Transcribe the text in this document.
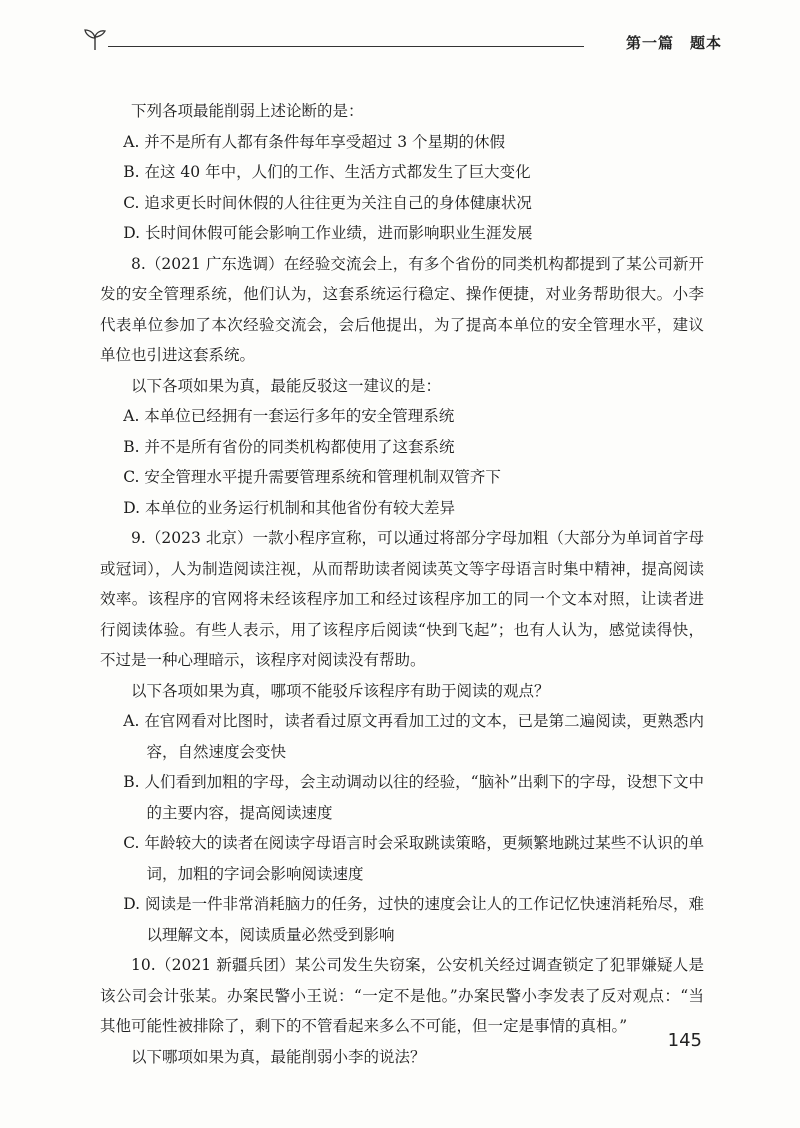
第一篇　题本

下列各项最能削弱上述论断的是：

A. 并不是所有人都有条件每年享受超过 3 个星期的休假

B. 在这 40 年中，人们的工作、生活方式都发生了巨大变化

C. 追求更长时间休假的人往往更为关注自己的身体健康状况

D. 长时间休假可能会影响工作业绩，进而影响职业生涯发展

8.（2021 广东选调）在经验交流会上，有多个省份的同类机构都提到了某公司新开发的安全管理系统，他们认为，这套系统运行稳定、操作便捷，对业务帮助很大。小李代表单位参加了本次经验交流会，会后他提出，为了提高本单位的安全管理水平，建议单位也引进这套系统。

以下各项如果为真，最能反驳这一建议的是：

A. 本单位已经拥有一套运行多年的安全管理系统

B. 并不是所有省份的同类机构都使用了这套系统

C. 安全管理水平提升需要管理系统和管理机制双管齐下

D. 本单位的业务运行机制和其他省份有较大差异

9.（2023 北京）一款小程序宣称，可以通过将部分字母加粗（大部分为单词首字母或冠词），人为制造阅读注视，从而帮助读者阅读英文等字母语言时集中精神，提高阅读效率。该程序的官网将未经该程序加工和经过该程序加工的同一个文本对照，让读者进行阅读体验。有些人表示，用了该程序后阅读“快到飞起”；也有人认为，感觉读得快，不过是一种心理暗示，该程序对阅读没有帮助。

以下各项如果为真，哪项不能驳斥该程序有助于阅读的观点？

A. 在官网看对比图时，读者看过原文再看加工过的文本，已是第二遍阅读，更熟悉内容，自然速度会变快

B. 人们看到加粗的字母，会主动调动以往的经验，“脑补”出剩下的字母，设想下文中的主要内容，提高阅读速度

C. 年龄较大的读者在阅读字母语言时会采取跳读策略，更频繁地跳过某些不认识的单词，加粗的字词会影响阅读速度

D. 阅读是一件非常消耗脑力的任务，过快的速度会让人的工作记忆快速消耗殆尽，难以理解文本，阅读质量必然受到影响

10.（2021 新疆兵团）某公司发生失窃案，公安机关经过调查锁定了犯罪嫌疑人是该公司会计张某。办案民警小王说：“一定不是他。”办案民警小李发表了反对观点：“当其他可能性被排除了，剩下的不管看起来多么不可能，但一定是事情的真相。”

以下哪项如果为真，最能削弱小李的说法？

145
